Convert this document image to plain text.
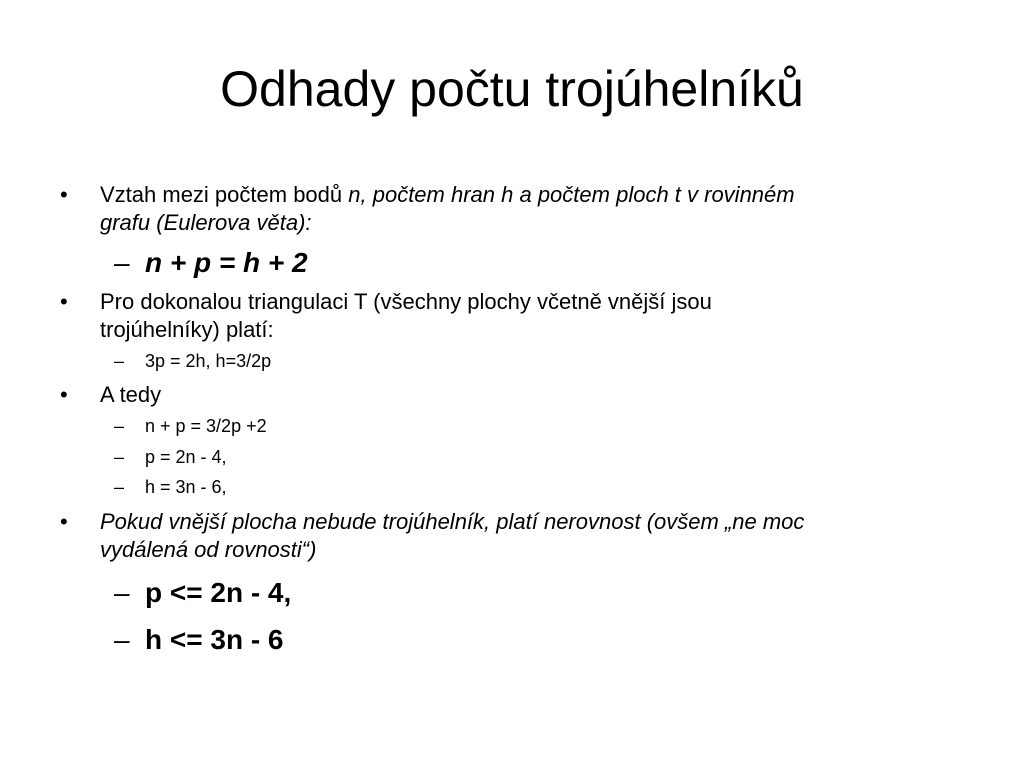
Odhady počtu trojúhelníků
• Vztah mezi počtem bodů n, počtem hran h a počtem ploch t v rovinném
grafu (Eulerova věta):
– n + p = h + 2
• Pro dokonalou triangulaci T (všechny plochy včetně vnější jsou
trojúhelníky) platí:
– 3p = 2h, h=3/2p
• A tedy
– n + p = 3/2p +2
– p = 2n - 4,
– h = 3n - 6,
• Pokud vnější plocha nebude trojúhelník, platí nerovnost (ovšem „ne moc
vydálená od rovnosti“)
– p <= 2n - 4,
– h <= 3n - 6
